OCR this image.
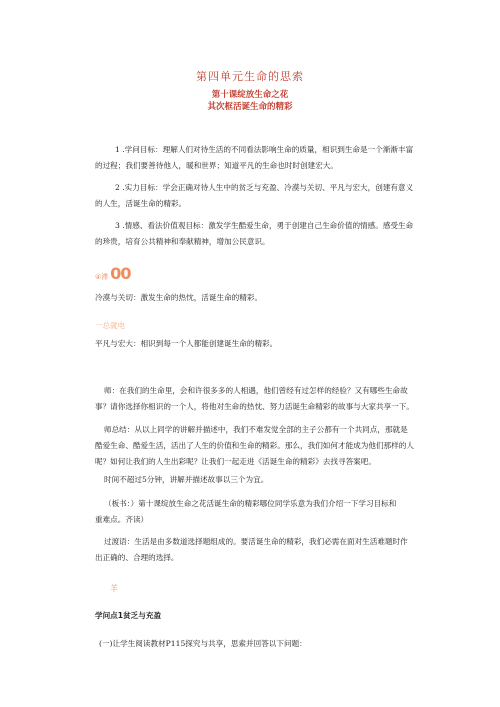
第四单元生命的思索
第十课绽放生命之花
其次框活诞生命的精彩
1 .学问目标：理解人们对待生活的不同看法影响生命的质量，相识到生命是一个渐渐丰富
的过程；我们要善待他人，暖和世界；知道平凡的生命也时时创建宏大。
2 .实力目标：学会正确对待人生中的贫乏与充盈、冷漠与关切、平凡与宏大，创建有意义
的人生，活诞生命的精彩。
3 .情感、看法价值观目标：激发学生酷爱生命，勇于创建自己生命价值的情感。感受生命
的珍贵，培育公共精神和奉献精神，增加公民意识。
④滞 00
冷漠与关切：激发生命的热忱，活诞生命的精彩。
一总就电
平凡与宏大：相识到每一个人都能创建诞生命的精彩。
师：在我们的生命里，会和许很多多的人相遇，他们曾经有过怎样的经验？又有哪些生命故
事？请你选择你相识的一个人，将他对生命的热忱、努力活诞生命精彩的故事与大家共享一下。
师总结：从以上同学的讲解并描述中，我们不难发觉全部的主子公都有一个共同点，那就是
酷爱生命、酷爱生活，活出了人生的价值和生命的精彩。那么，我们如何才能成为他们那样的人
呢？如何让我们的人生出彩呢？让我们一起走进《活诞生命的精彩》去找寻答案吧。
时间不超过5分钟，讲解并描述故事以三个为宜。
（板书：）第十课绽放生命之花活诞生命的精彩哪位同学乐意为我们介绍一下学习目标和
重难点。齐读）
过渡语：生活是由多数道选择题组成的。要活诞生命的精彩，我们必需在面对生活难题时作
出正确的、合理的选择。
羊
学问点1贫乏与充盈
(一)让学生阅读教材P115探究与共享，思索并回答以下问题：
